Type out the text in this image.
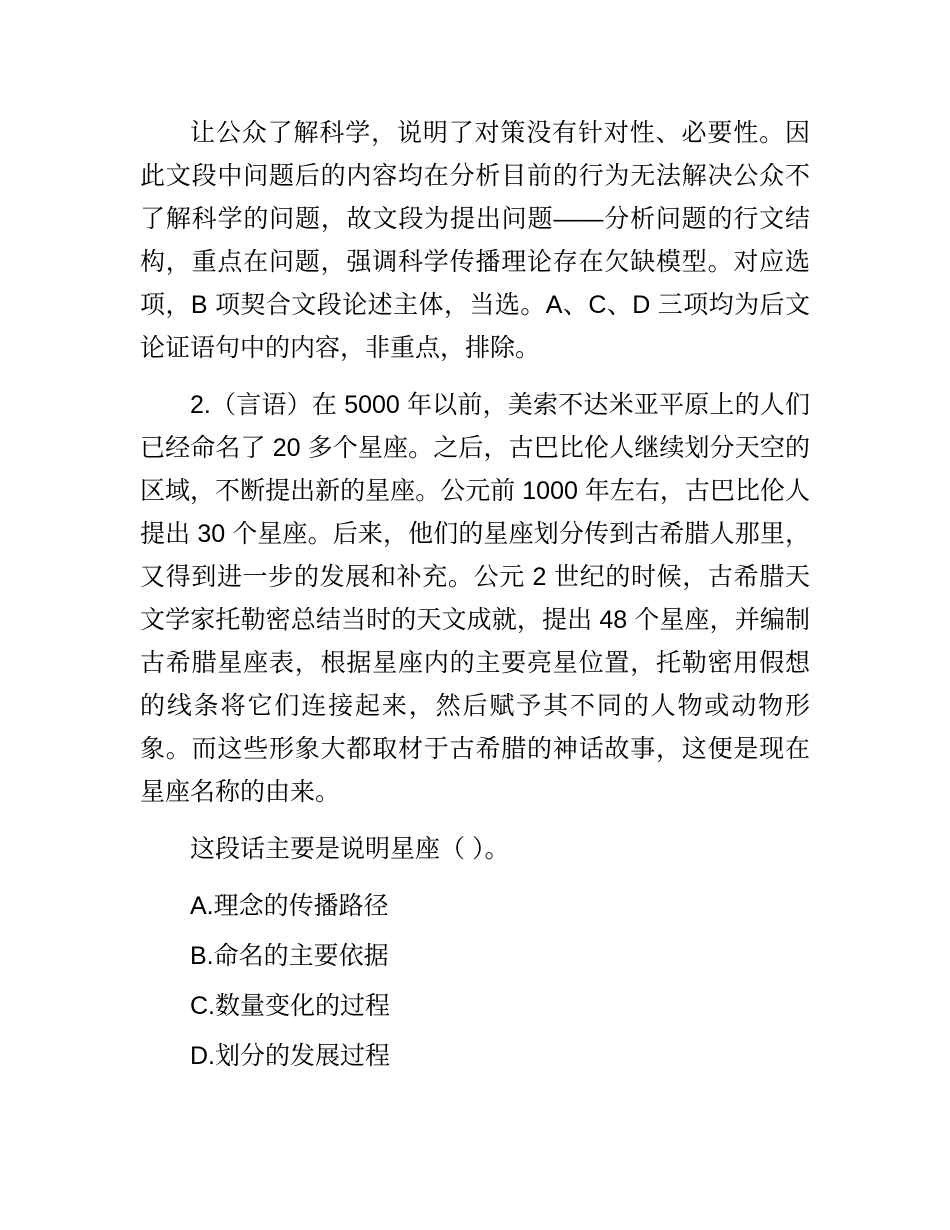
让公众了解科学，说明了对策没有针对性、必要性。因此文段中问题后的内容均在分析目前的行为无法解决公众不了解科学的问题，故文段为提出问题——分析问题的行文结构，重点在问题，强调科学传播理论存在欠缺模型。对应选项，B 项契合文段论述主体，当选。A、C、D 三项均为后文论证语句中的内容，非重点，排除。

2.（言语）在 5000 年以前，美索不达米亚平原上的人们已经命名了 20 多个星座。之后，古巴比伦人继续划分天空的区域，不断提出新的星座。公元前 1000 年左右，古巴比伦人提出 30 个星座。后来，他们的星座划分传到古希腊人那里，又得到进一步的发展和补充。公元 2 世纪的时候，古希腊天文学家托勒密总结当时的天文成就，提出 48 个星座，并编制古希腊星座表，根据星座内的主要亮星位置，托勒密用假想的线条将它们连接起来，然后赋予其不同的人物或动物形象。而这些形象大都取材于古希腊的神话故事，这便是现在星座名称的由来。

这段话主要是说明星座（ ）。

A.理念的传播路径

B.命名的主要依据

C.数量变化的过程

D.划分的发展过程
